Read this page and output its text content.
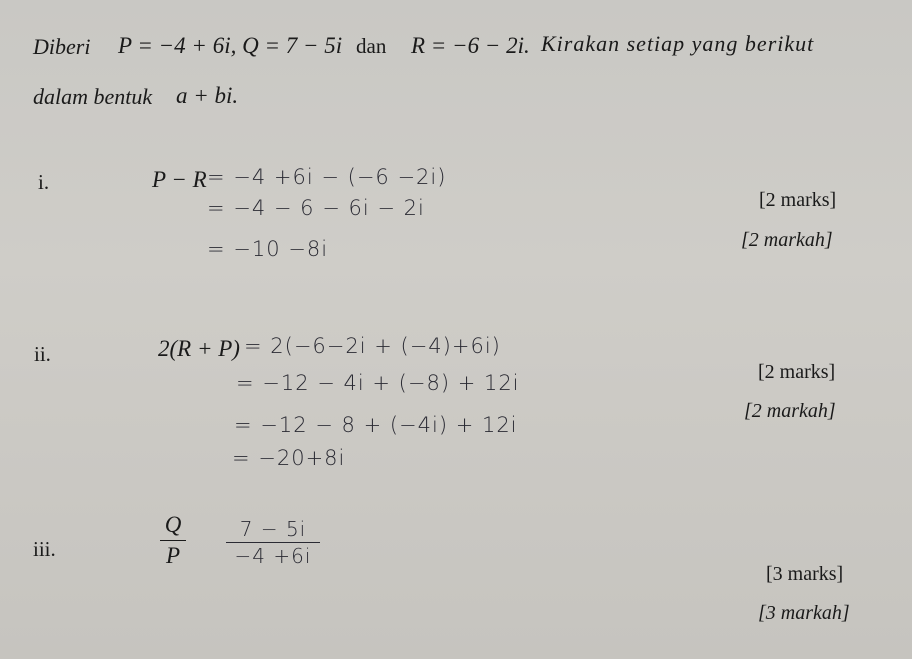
Diberi P = −4 + 6i, Q = 7 − 5i dan R = −6 − 2i. Kirakan setiap yang berikut
dalam bentuk a + bi.
i.	P − R = −4 +6i − (−6 −2i)
= −4 − 6 − 6i − 2i
= −10 −8i
[2 marks]
[2 markah]
ii.	2(R + P) = 2(−6−2i + (−4)+6i)
= −12 − 4i + (−8) + 12i
= −12 − 8 + (−4i) + 12i
= −20+8i
[2 marks]
[2 markah]
iii.
Q
P
7 − 5i
−4 +6i
[3 marks]
[3 markah]
